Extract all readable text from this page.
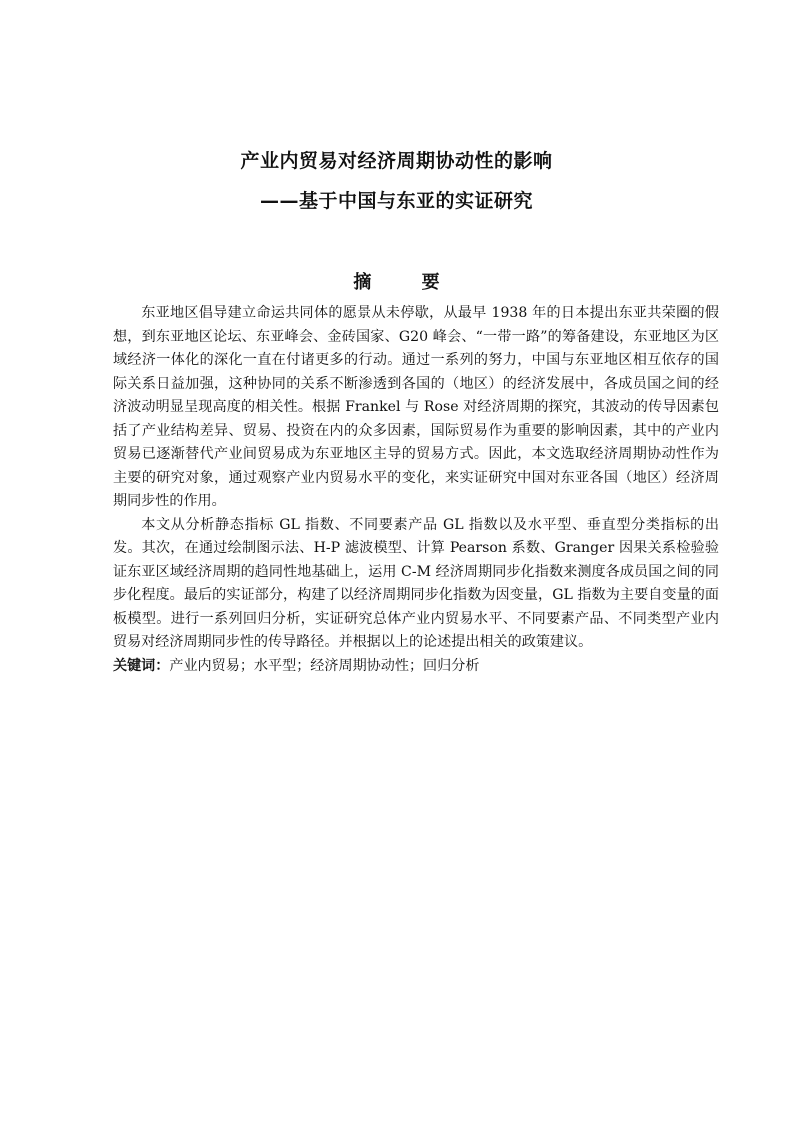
产业内贸易对经济周期协动性的影响
——基于中国与东亚的实证研究
摘 要

东亚地区倡导建立命运共同体的愿景从未停歇，从最早 1938 年的日本提出东亚共荣圈的假想，到东亚地区论坛、东亚峰会、金砖国家、G20 峰会、“一带一路”的筹备建设，东亚地区为区域经济一体化的深化一直在付诸更多的行动。通过一系列的努力，中国与东亚地区相互依存的国际关系日益加强，这种协同的关系不断渗透到各国的（地区）的经济发展中，各成员国之间的经济波动明显呈现高度的相关性。根据 Frankel 与 Rose 对经济周期的探究，其波动的传导因素包括了产业结构差异、贸易、投资在内的众多因素，国际贸易作为重要的影响因素，其中的产业内贸易已逐渐替代产业间贸易成为东亚地区主导的贸易方式。因此，本文选取经济周期协动性作为主要的研究对象，通过观察产业内贸易水平的变化，来实证研究中国对东亚各国（地区）经济周期同步性的作用。

本文从分析静态指标 GL 指数、不同要素产品 GL 指数以及水平型、垂直型分类指标的出发。其次，在通过绘制图示法、H-P 滤波模型、计算 Pearson 系数、Granger 因果关系检验验证东亚区域经济周期的趋同性地基础上，运用 C-M 经济周期同步化指数来测度各成员国之间的同步化程度。最后的实证部分，构建了以经济周期同步化指数为因变量，GL 指数为主要自变量的面板模型。进行一系列回归分析，实证研究总体产业内贸易水平、不同要素产品、不同类型产业内贸易对经济周期同步性的传导路径。并根据以上的论述提出相关的政策建议。

关键词：产业内贸易；水平型；经济周期协动性；回归分析
